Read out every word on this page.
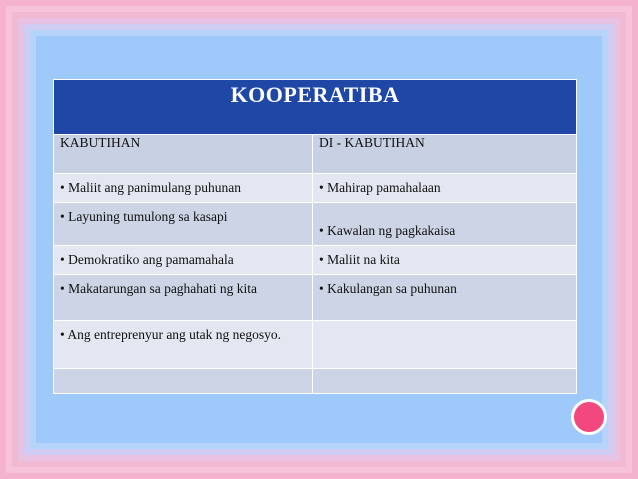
KOOPERATIBA	
KABUTIHAN	DI - KABUTIHAN
• Maliit ang panimulang puhunan	• Mahirap pamahalaan
• Layuning tumulong sa kasapi	• Kawalan ng pagkakaisa
• Demokratiko ang pamamahala	• Maliit na kita
• Makatarungan sa paghahati ng kita	• Kakulangan sa puhunan
• Ang entreprenyur ang utak ng negosyo.	
